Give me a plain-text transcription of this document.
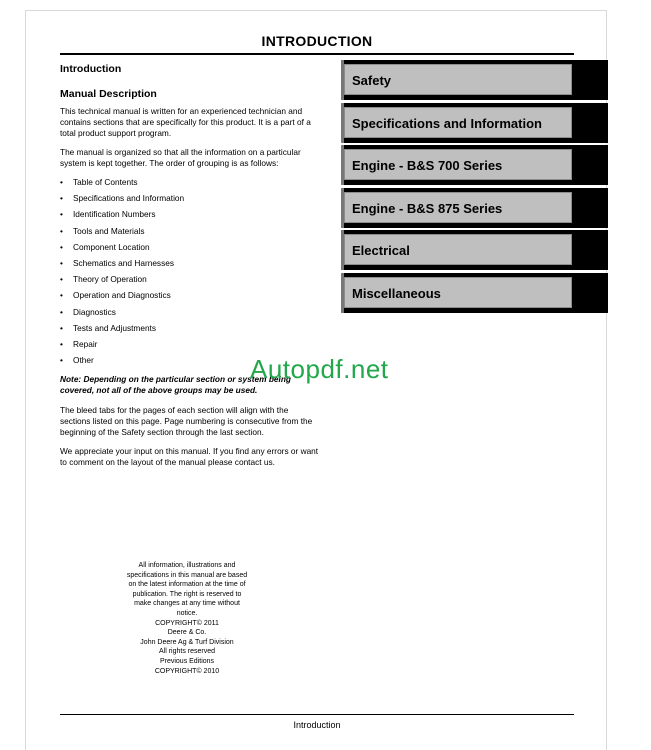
INTRODUCTION
Introduction
Manual Description

This technical manual is written for an experienced technician and contains sections that are specifically for this product. It is a part of a total product support program.

The manual is organized so that all the information on a particular system is kept together. The order of grouping is as follows:

• Table of Contents
• Specifications and Information
• Identification Numbers
• Tools and Materials
• Component Location
• Schematics and Harnesses
• Theory of Operation
• Operation and Diagnostics
• Diagnostics
• Tests and Adjustments
• Repair
• Other

Note: Depending on the particular section or system being covered, not all of the above groups may be used.

The bleed tabs for the pages of each section will align with the sections listed on this page. Page numbering is consecutive from the beginning of the Safety section through the last section.

We appreciate your input on this manual. If you find any errors or want to comment on the layout of the manual please contact us.

Safety
Specifications and Information
Engine - B&S 700 Series
Engine - B&S 875 Series
Electrical
Miscellaneous
Autopdf.net
All information, illustrations and
specifications in this manual are based
on the latest information at the time of
publication. The right is reserved to
make changes at any time without
notice.
COPYRIGHT© 2011
Deere & Co.
John Deere Ag & Turf Division
All rights reserved
Previous Editions
COPYRIGHT© 2010
Introduction
